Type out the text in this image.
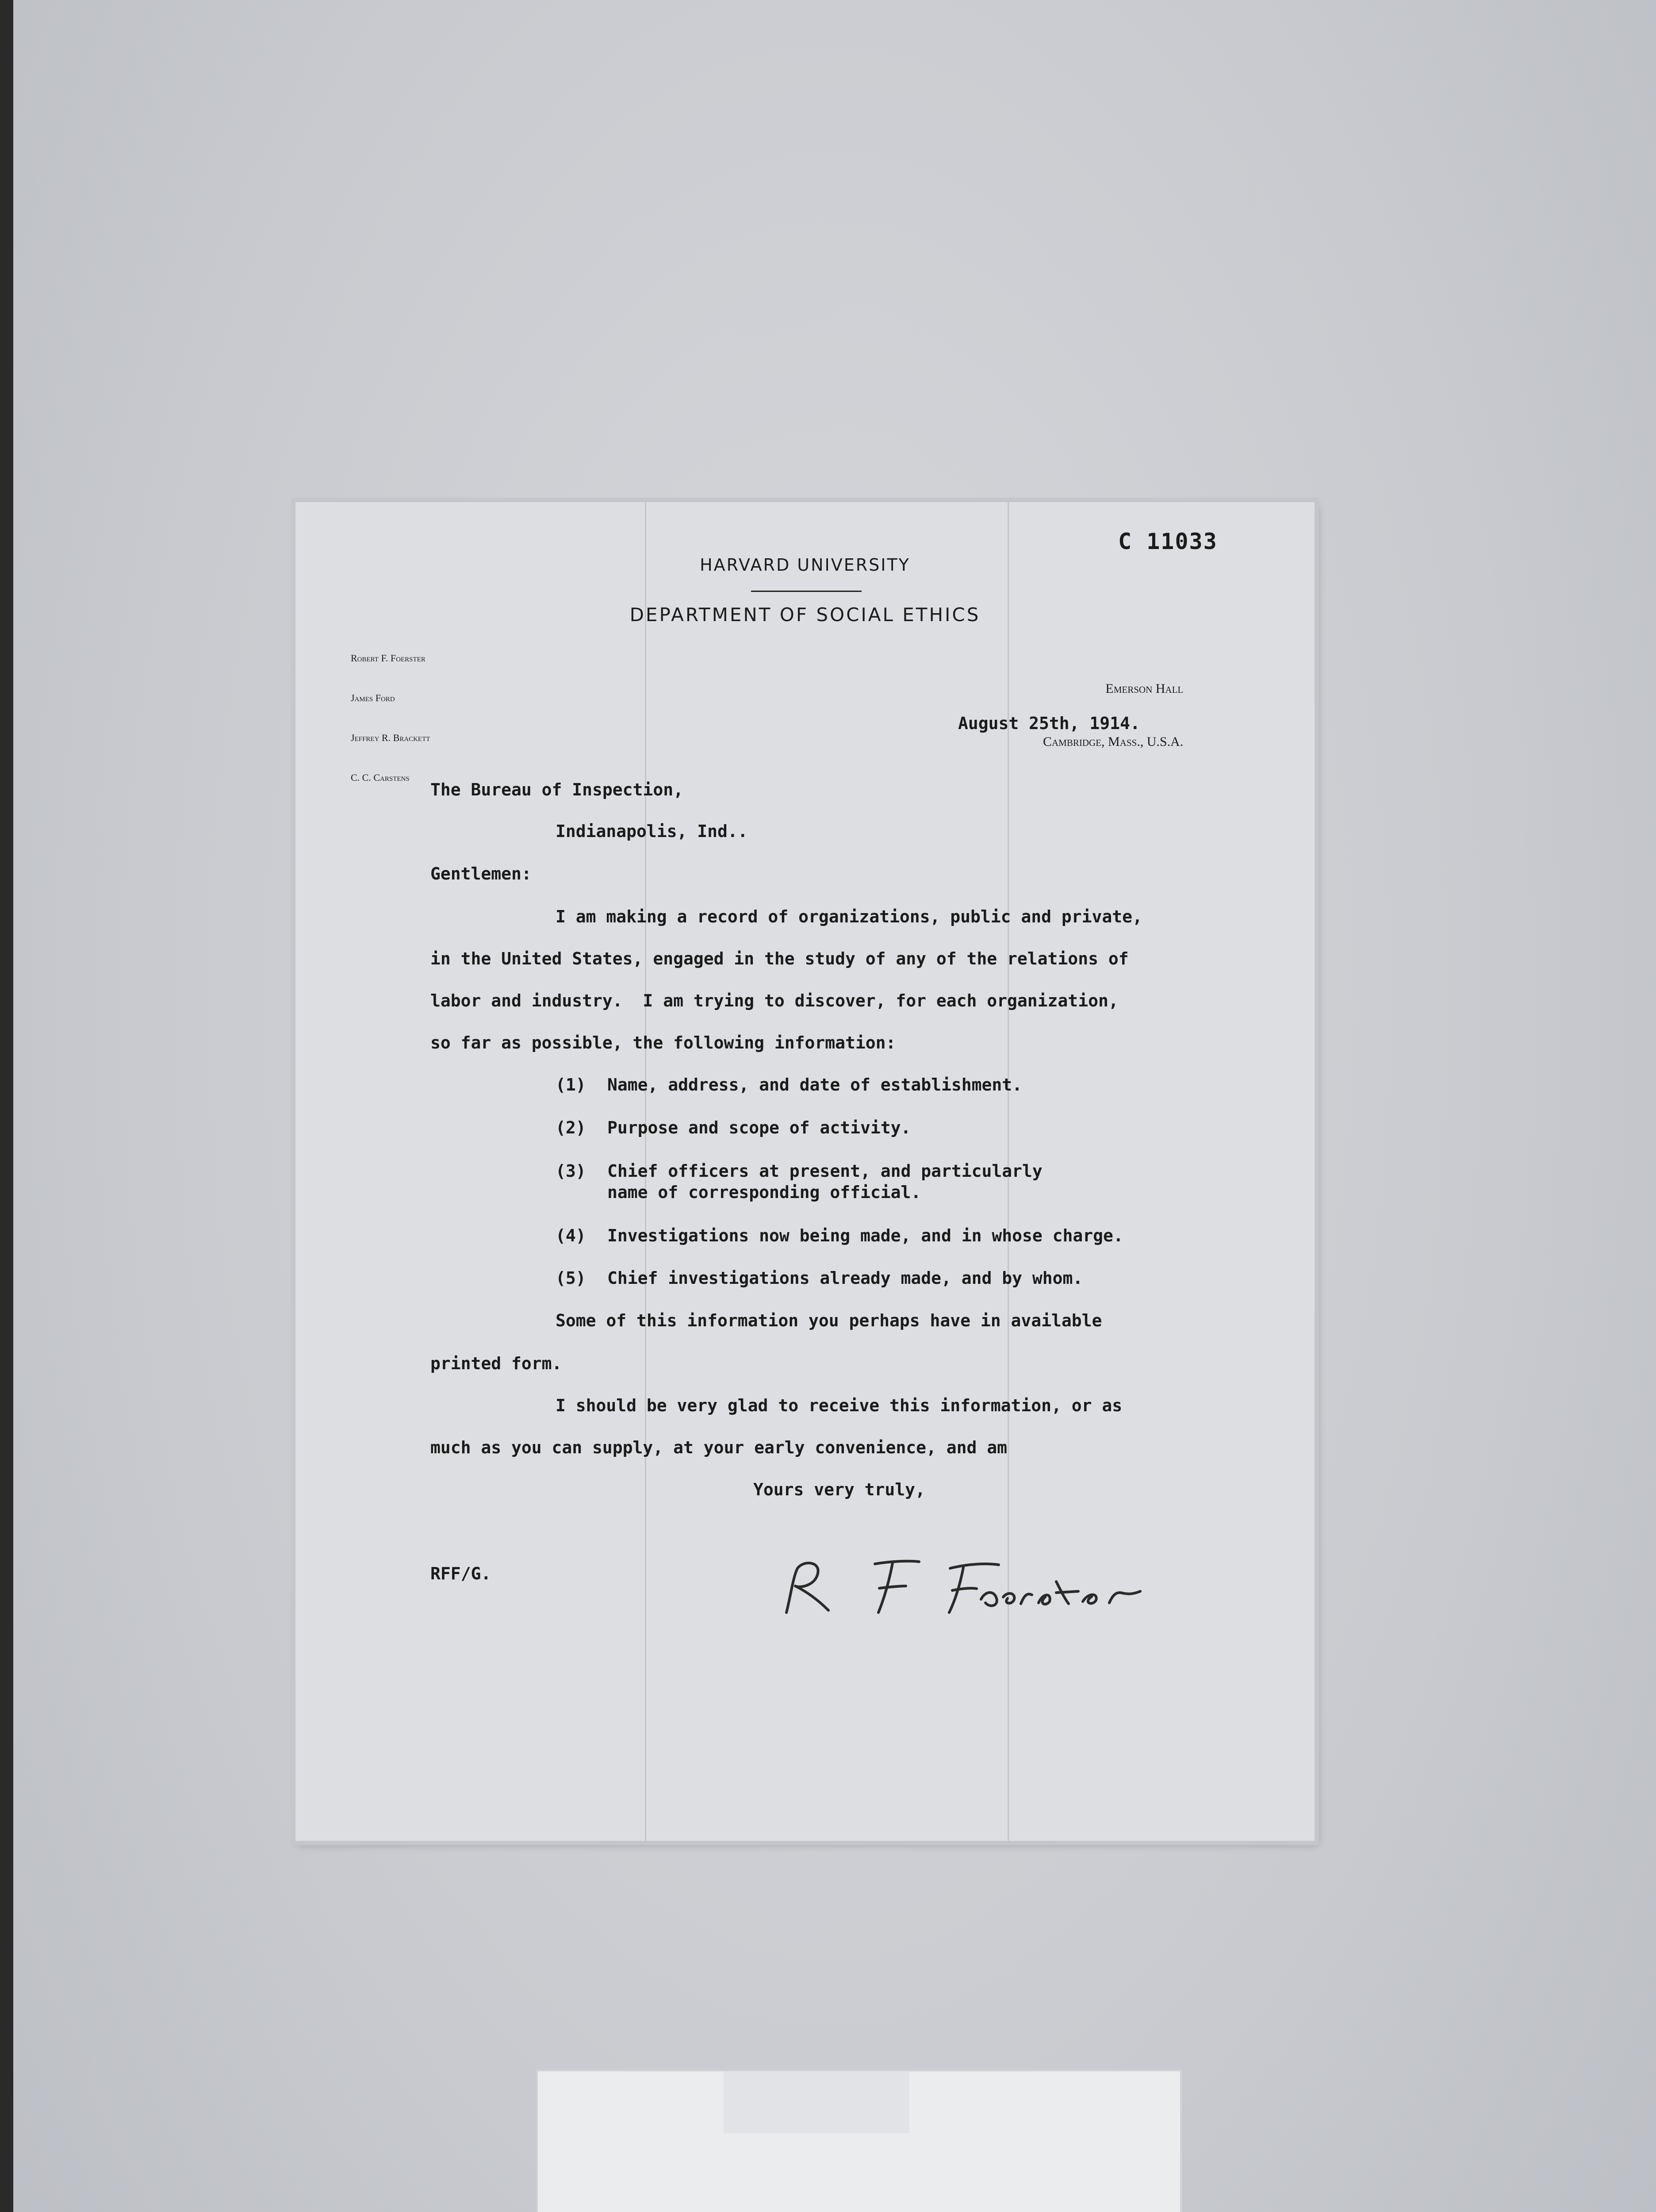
C 11033
HARVARD UNIVERSITY
DEPARTMENT OF SOCIAL ETHICS

Robert F. Foerster

James Ford

Jeffrey R. Brackett

C. C. Carstens

Emerson Hall

Cambridge, Mass., U.S.A.

August 25th, 1914.
The Bureau of Inspection,
Indianapolis, Ind..
Gentlemen:
I am making a record of organizations, public and private,
in the United States, engaged in the study of any of the relations of
labor and industry.  I am trying to discover, for each organization,
so far as possible, the following information:
(1) Name, address, and date of establishment.
(2) Purpose and scope of activity.
(3) Chief officers at present, and particularly
name of corresponding official.
(4) Investigations now being made, and in whose charge.
(5) Chief investigations already made, and by whom.
Some of this information you perhaps have in available
printed form.
I should be very glad to receive this information, or as
much as you can supply, at your early convenience, and am
Yours very truly,
RFF/G.
